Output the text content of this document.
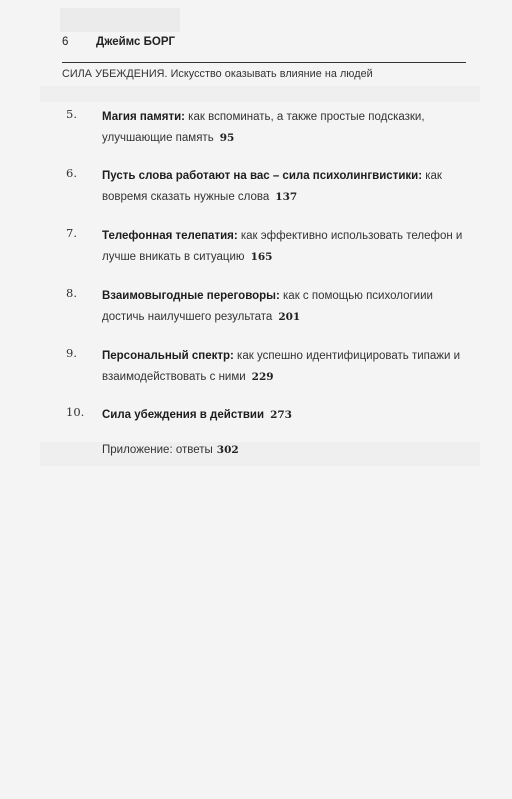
6 Джеймс БОРГ
СИЛА УБЕЖДЕНИЯ. Искусство оказывать влияние на людей
5. Магия памяти: как вспоминать, а также простые подсказки, улучшающие память 95
6. Пусть слова работают на вас – сила психолингвистики: как вовремя сказать нужные слова 137
7. Телефонная телепатия: как эффективно использовать телефон и лучше вникать в ситуацию 165
8. Взаимовыгодные переговоры: как с помощью психологиии достичь наилучшего результата 201
9. Персональный спектр: как успешно идентифицировать типажи и взаимодействовать с ними 229
10. Сила убеждения в действии 273
Приложение: ответы 302
